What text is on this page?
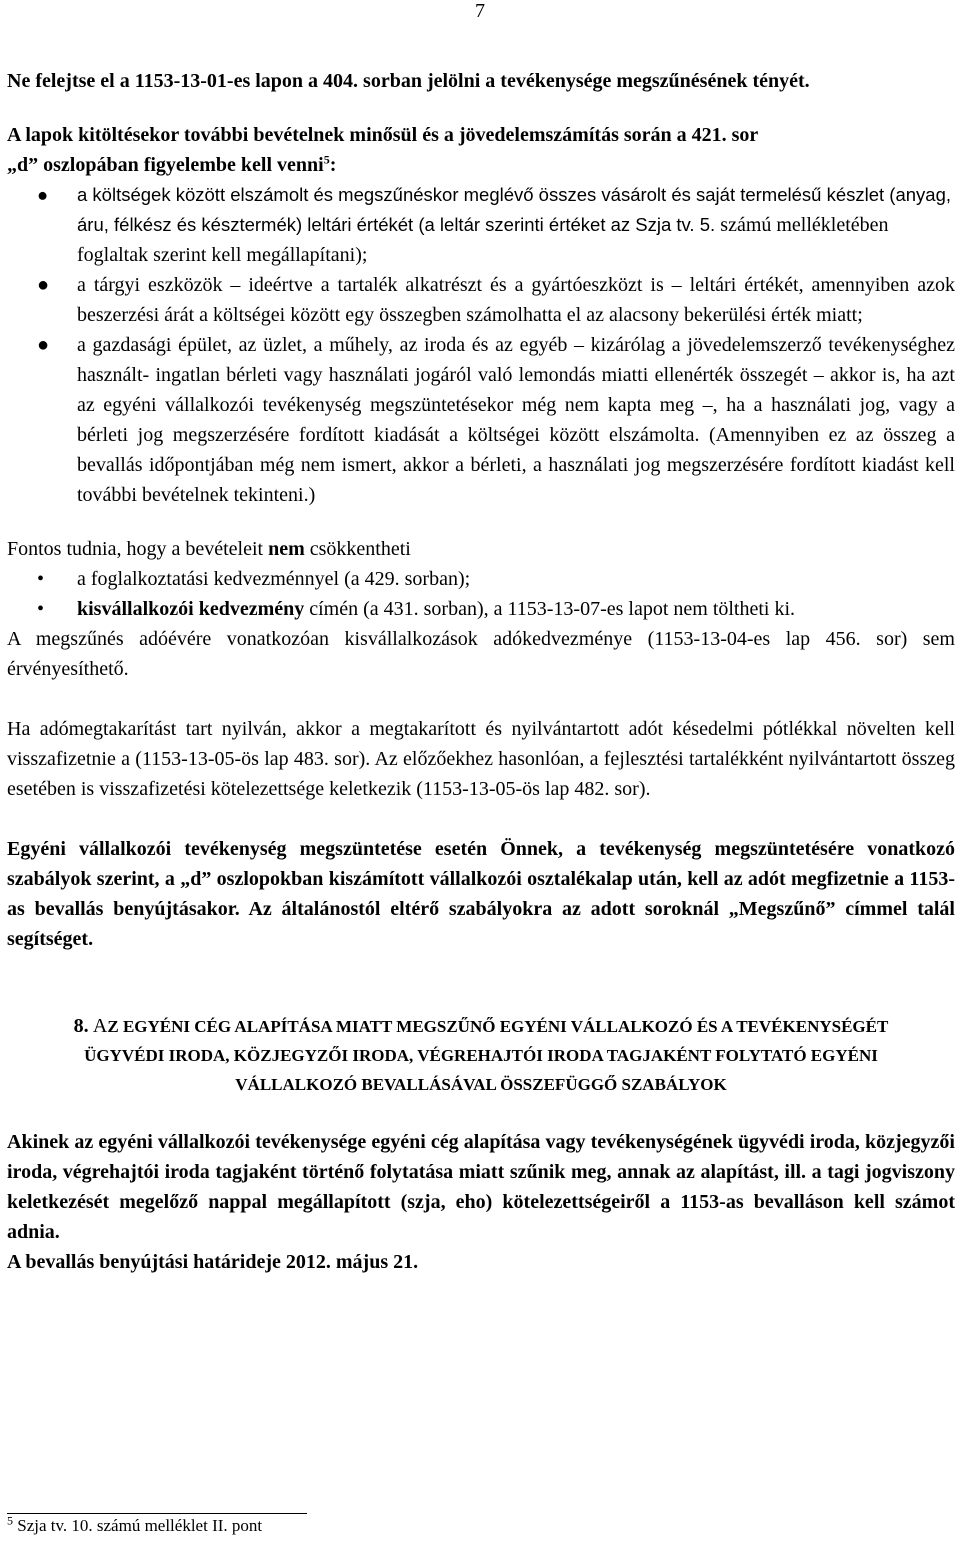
7

Ne felejtse el a 1153-13-01-es lapon a 404. sorban jelölni a tevékenysége megszűnésének tényét.

A lapok kitöltésekor további bevételnek minősül és a jövedelemszámítás során a 421. sor
„d” oszlopában figyelembe kell venni$^5$:

● a költségek között elszámolt és megszűnéskor meglévő összes vásárolt és saját termelésű készlet (anyag, áru, félkész és késztermék) leltári értékét (a leltár szerinti értéket az Szja tv. 5. számú mellékletében foglaltak szerint kell megállapítani);
● a tárgyi eszközök – ideértve a tartalék alkatrészt és a gyártóeszközt is – leltári értékét, amennyiben azok beszerzési árát a költségei között egy összegben számolhatta el az alacsony bekerülési érték miatt;
● a gazdasági épület, az üzlet, a műhely, az iroda és az egyéb – kizárólag a jövedelemszerző tevékenységhez használt- ingatlan bérleti vagy használati jogáról való lemondás miatti ellenérték összegét – akkor is, ha azt az egyéni vállalkozói tevékenység megszüntetésekor még nem kapta meg –, ha a használati jog, vagy a bérleti jog megszerzésére fordított kiadását a költségei között elszámolta. (Amennyiben ez az összeg a bevallás időpontjában még nem ismert, akkor a bérleti, a használati jog megszerzésére fordított kiadást kell további bevételnek tekinteni.)

Fontos tudnia, hogy a bevételeit nem csökkentheti

• a foglalkoztatási kedvezménnyel (a 429. sorban);
• kisvállalkozói kedvezmény címén (a 431. sorban), a 1153-13-07-es lapot nem töltheti ki.

A megszűnés adóévére vonatkozóan kisvállalkozások adókedvezménye (1153-13-04-es lap 456. sor) sem érvényesíthető.

Ha adómegtakarítást tart nyilván, akkor a megtakarított és nyilvántartott adót késedelmi pótlékkal növelten kell visszafizetnie a (1153-13-05-ös lap 483. sor). Az előzőekhez hasonlóan, a fejlesztési tartalékként nyilvántartott összeg esetében is visszafizetési kötelezettsége keletkezik (1153-13-05-ös lap 482. sor).

Egyéni vállalkozói tevékenység megszüntetése esetén Önnek, a tevékenység megszüntetésére vonatkozó szabályok szerint, a „d” oszlopokban kiszámított vállalkozói osztalékalap után, kell az adót megfizetnie a 1153-as bevallás benyújtásakor. Az általánostól eltérő szabályokra az adott soroknál „Megszűnő” címmel talál segítséget.

8. AZ EGYÉNI CÉG ALAPÍTÁSA MIATT MEGSZŰNŐ EGYÉNI VÁLLALKOZÓ ÉS A TEVÉKENYSÉGÉT ÜGYVÉDI IRODA, KÖZJEGYZŐI IRODA, VÉGREHAJTÓI IRODA TAGJAKÉNT FOLYTATÓ EGYÉNI VÁLLALKOZÓ BEVALLÁSÁVAL ÖSSZEFÜGGŐ SZABÁLYOK

Akinek az egyéni vállalkozói tevékenysége egyéni cég alapítása vagy tevékenységének ügyvédi iroda, közjegyzői iroda, végrehajtói iroda tagjaként történő folytatása miatt szűnik meg, annak az alapítást, ill. a tagi jogviszony keletkezését megelőző nappal megállapított (szja, eho) kötelezettségeiről a 1153-as bevalláson kell számot adnia.

A bevallás benyújtási határideje 2012. május 21.

$^5$ Szja tv. 10. számú melléklet II. pont
